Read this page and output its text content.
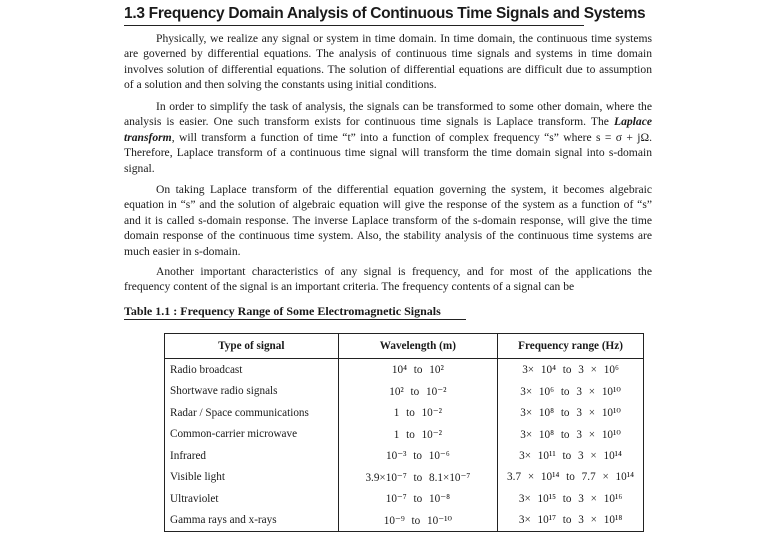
1.3 Frequency Domain Analysis of Continuous Time Signals and Systems

Physically, we realize any signal or system in time domain. In time domain, the continuous time systems are governed by differential equations. The analysis of continuous time signals and systems in time domain involves solution of differential equations. The solution of differential equations are difficult due to assumption of a solution and then solving the constants using initial conditions.

In order to simplify the task of analysis, the signals can be transformed to some other domain, where the analysis is easier. One such transform exists for continuous time signals is Laplace transform. The Laplace transform, will transform a function of time “t” into a function of complex frequency “s” where s = σ + jΩ. Therefore, Laplace transform of a continuous time signal will transform the time domain signal into s-domain signal.

On taking Laplace transform of the differential equation governing the system, it becomes algebraic equation in “s” and the solution of algebraic equation will give the response of the system as a function of “s” and it is called s-domain response. The inverse Laplace transform of the s-domain response, will give the time domain response of the continuous time system. Also, the stability analysis of the continuous time systems are much easier in s-domain.

Another important characteristics of any signal is frequency, and for most of the applications the frequency content of the signal is an important criteria. The frequency contents of a signal can be

Table 1.1 : Frequency Range of Some Electromagnetic Signals
Type of signal	Wavelength (m)	Frequency range (Hz)
Radio broadcast	10⁴ to 10²	3× 10⁴ to 3 × 10⁶
Shortwave radio signals	10² to 10⁻²	3× 10⁶ to 3 × 10¹⁰
Radar / Space communications	1 to 10⁻²	3× 10⁸ to 3 × 10¹⁰
Common-carrier microwave	1 to 10⁻²	3× 10⁸ to 3 × 10¹⁰
Infrared	10⁻³ to 10⁻⁶	3× 10¹¹ to 3 × 10¹⁴
Visible light	3.9×10⁻⁷ to 8.1×10⁻⁷	3.7 × 10¹⁴ to 7.7 × 10¹⁴
Ultraviolet	10⁻⁷ to 10⁻⁸	3× 10¹⁵ to 3 × 10¹⁶
Gamma rays and x-rays	10⁻⁹ to 10⁻¹⁰	3× 10¹⁷ to 3 × 10¹⁸
